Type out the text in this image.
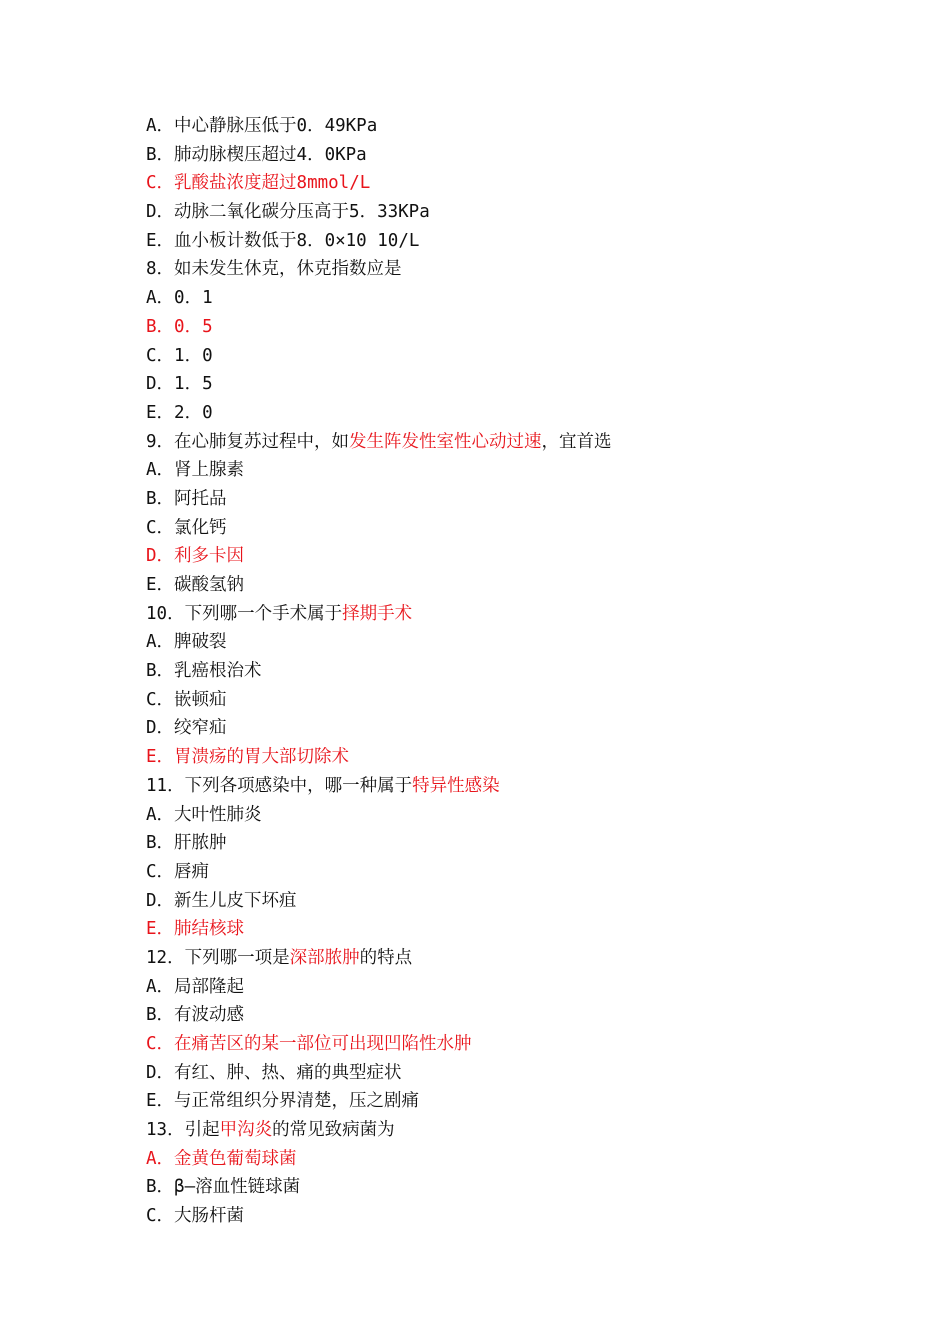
A．中心静脉压低于0．49KPa
B．肺动脉楔压超过4．0KPa
C．乳酸盐浓度超过8mmol/L
D．动脉二氧化碳分压高于5．33KPa
E．血小板计数低于8．0×10 10/L
8．如未发生休克，休克指数应是
A．0．1
B．0．5
C．1．0
D．1．5
E．2．0
9．在心肺复苏过程中，如发生阵发性室性心动过速，宜首选
A．肾上腺素
B．阿托品
C．氯化钙
D．利多卡因
E．碳酸氢钠
10．下列哪一个手术属于择期手术
A．脾破裂
B．乳癌根治术
C．嵌顿疝
D．绞窄疝
E．胃溃疡的胃大部切除术
11．下列各项感染中，哪一种属于特异性感染
A．大叶性肺炎
B．肝脓肿
C．唇痈
D．新生儿皮下坏疽
E．肺结核球
12．下列哪一项是深部脓肿的特点
A．局部隆起
B．有波动感
C．在痛苦区的某一部位可出现凹陷性水肿
D．有红、肿、热、痛的典型症状
E．与正常组织分界清楚，压之剧痛
13．引起甲沟炎的常见致病菌为
A．金黄色葡萄球菌
B．β—溶血性链球菌
C．大肠杆菌
